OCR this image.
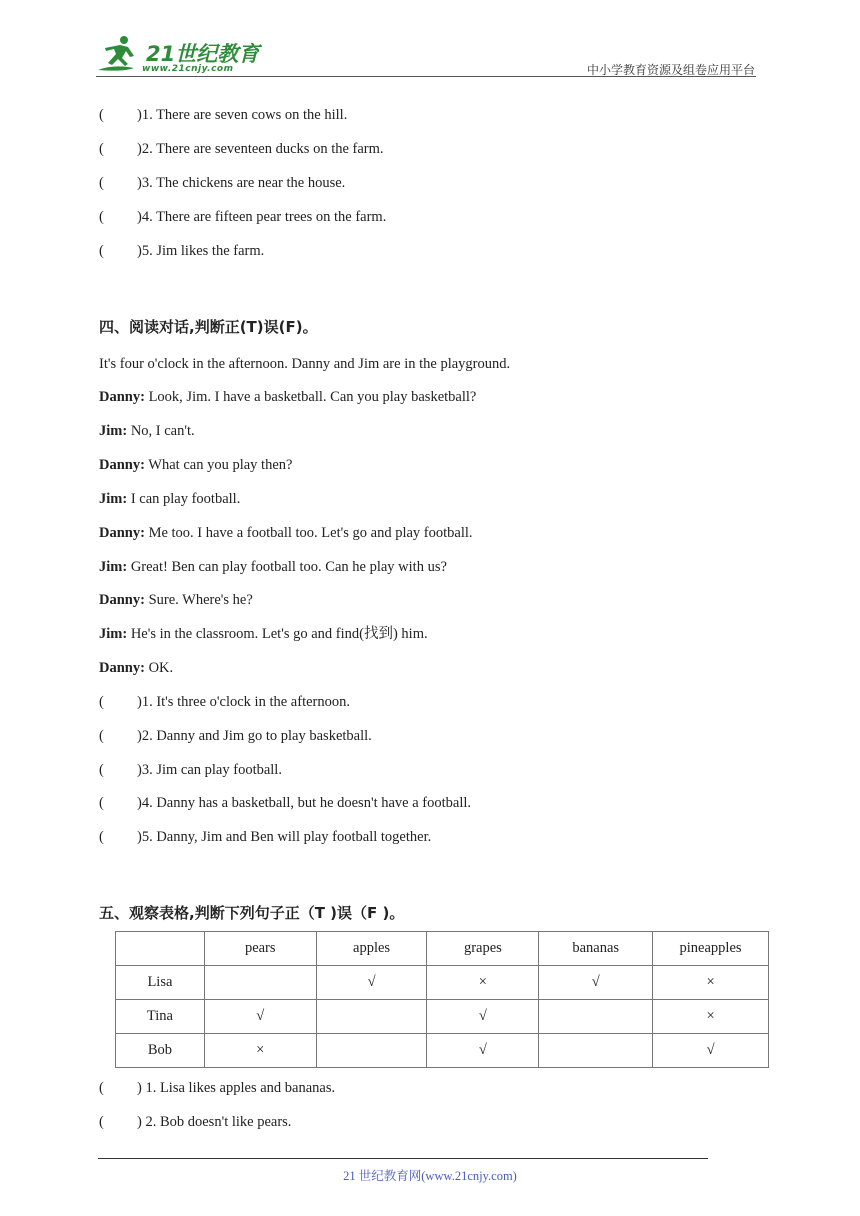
21世纪教育
www.21cnjy.com	中小学教育资源及组卷应用平台
( )1. There are seven cows on the hill.
( )2. There are seventeen ducks on the farm.
( )3. The chickens are near the house.
( )4. There are fifteen pear trees on the farm.
( )5. Jim likes the farm.
四、阅读对话,判断正(T)误(F)。
It's four o'clock in the afternoon. Danny and Jim are in the playground.
Danny: Look, Jim. I have a basketball. Can you play basketball?
Jim: No, I can't.
Danny: What can you play then?
Jim: I can play football.
Danny: Me too. I have a football too. Let's go and play football.
Jim: Great! Ben can play football too. Can he play with us?
Danny: Sure. Where's he?
Jim: He's in the classroom. Let's go and find(找到) him.
Danny: OK.
( )1. It's three o'clock in the afternoon.
( )2. Danny and Jim go to play basketball.
( )3. Jim can play football.
( )4. Danny has a basketball, but he doesn't have a football.
( )5. Danny, Jim and Ben will play football together.
五、观察表格,判断下列句子正（T )误（F )。
	pears	apples	grapes	bananas	pineapples
Lisa		√	×	√	×
Tina	√		√		×
Bob	×		√		√
( ) 1. Lisa likes apples and bananas.
( ) 2. Bob doesn't like pears.
21 世纪教育网(www.21cnjy.com)
